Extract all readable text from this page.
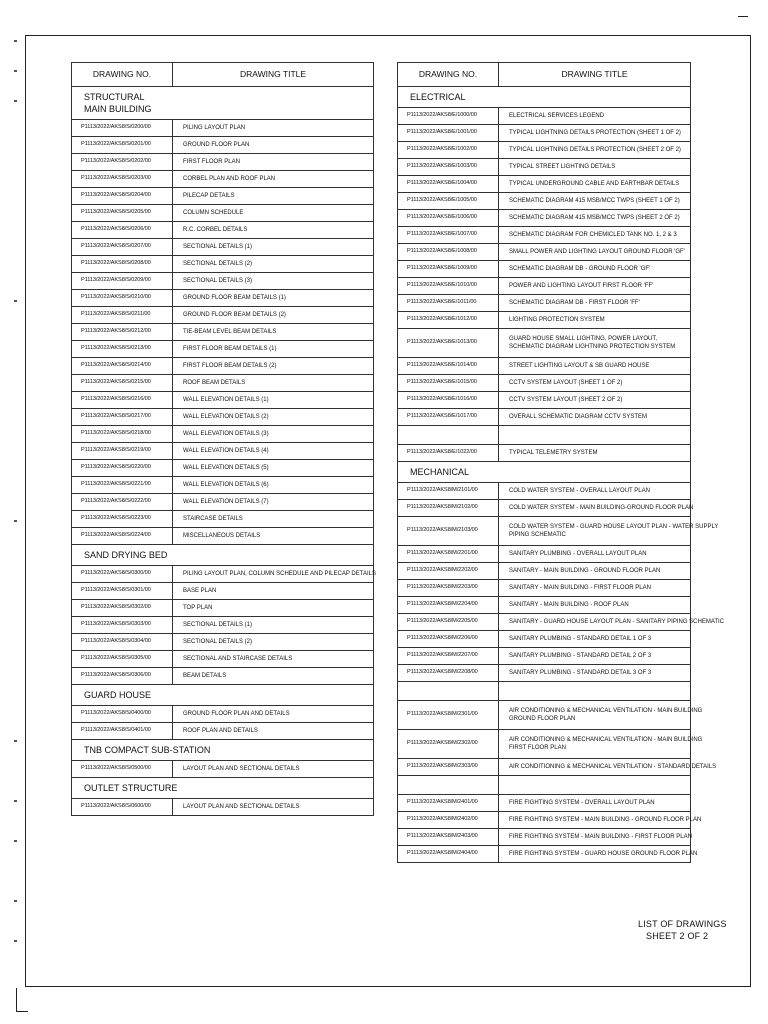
DRAWING NO.	DRAWING TITLE

STRUCTURAL
MAIN BUILDING	

P1113/2022/AKS8/S/0200/00	PILING LAYOUT PLAN
P1113/2022/AKS8/S/0201/00	GROUND FLOOR PLAN
P1113/2022/AKS8/S/0202/00	FIRST FLOOR PLAN
P1113/2022/AKS8/S/0203/00	CORBEL PLAN AND ROOF PLAN
P1113/2022/AKS8/S/0204/00	PILECAP DETAILS
P1113/2022/AKS8/S/0205/00	COLUMN SCHEDULE
P1113/2022/AKS8/S/0206/00	R.C. CORBEL DETAILS
P1113/2022/AKS8/S/0207/00	SECTIONAL DETAILS (1)
P1113/2022/AKS8/S/0208/00	SECTIONAL DETAILS (2)
P1113/2022/AKS8/S/0209/00	SECTIONAL DETAILS (3)
P1113/2022/AKS8/S/0210/00	GROUND FLOOR BEAM DETAILS (1)
P1113/2022/AKS8/S/0211/00	GROUND FLOOR BEAM DETAILS (2)
P1113/2022/AKS8/S/0212/00	TIE-BEAM LEVEL BEAM DETAILS
P1113/2022/AKS8/S/0213/00	FIRST FLOOR BEAM DETAILS (1)
P1113/2022/AKS8/S/0214/00	FIRST FLOOR BEAM DETAILS (2)
P1113/2022/AKS8/S/0215/00	ROOF BEAM DETAILS
P1113/2022/AKS8/S/0216/00	WALL ELEVATION DETAILS (1)
P1113/2022/AKS8/S/0217/00	WALL ELEVATION DETAILS (2)
P1113/2022/AKS8/S/0218/00	WALL ELEVATION DETAILS (3)
P1113/2022/AKS8/S/0219/00	WALL ELEVATION DETAILS (4)
P1113/2022/AKS8/S/0220/00	WALL ELEVATION DETAILS (5)
P1113/2022/AKS8/S/0221/00	WALL ELEVATION DETAILS (6)
P1113/2022/AKS8/S/0222/00	WALL ELEVATION DETAILS (7)
P1113/2022/AKS8/S/0223/00	STAIRCASE DETAILS
P1113/2022/AKS8/S/0224/00	MISCELLANEOUS DETAILS

SAND DRYING BED	

P1113/2022/AKS8/S/0300/00	PILING LAYOUT PLAN, COLUMN SCHEDULE AND PILECAP DETAILS
P1113/2022/AKS8/S/0301/00	BASE PLAN
P1113/2022/AKS8/S/0302/00	TOP PLAN
P1113/2022/AKS8/S/0303/00	SECTIONAL DETAILS (1)
P1113/2022/AKS8/S/0304/00	SECTIONAL DETAILS (2)
P1113/2022/AKS8/S/0305/00	SECTIONAL AND STAIRCASE DETAILS
P1113/2022/AKS8/S/0306/00	BEAM DETAILS

GUARD HOUSE	

P1113/2022/AKS8/S/0400/00	GROUND FLOOR PLAN AND DETAILS
P1113/2022/AKS8/S/0401/00	ROOF PLAN AND DETAILS

TNB COMPACT SUB-STATION	

P1113/2022/AKS8/S/0500/00	LAYOUT PLAN AND SECTIONAL DETAILS

OUTLET STRUCTURE	

P1113/2022/AKS8/S/0600/00	LAYOUT PLAN AND SECTIONAL DETAILS
DRAWING NO.	DRAWING TITLE

ELECTRICAL	

P1113/2022/AKS8/E/1000/00	ELECTRICAL SERVICES LEGEND
P1113/2022/AKS8/E/1001/00	TYPICAL LIGHTNING DETAILS PROTECTION (SHEET 1 OF 2)
P1113/2022/AKS8/E/1002/00	TYPICAL LIGHTNING DETAILS PROTECTION (SHEET 2 OF 2)
P1113/2022/AKS8/E/1003/00	TYPICAL STREET LIGHTING DETAILS
P1113/2022/AKS8/E/1004/00	TYPICAL UNDERGROUND CABLE AND EARTHBAR DETAILS
P1113/2022/AKS8/E/1005/00	SCHEMATIC DIAGRAM 415 MSB/MCC TWPS (SHEET 1 OF 2)
P1113/2022/AKS8/E/1006/00	SCHEMATIC DIAGRAM 415 MSB/MCC TWPS (SHEET 2 OF 2)
P1113/2022/AKS8/E/1007/00	SCHEMATIC DIAGRAM FOR CHEMICLED TANK NO. 1, 2 & 3
P1113/2022/AKS8/E/1008/00	SMALL POWER AND LIGHTING LAYOUT GROUND FLOOR 'GF'
P1113/2022/AKS8/E/1009/00	SCHEMATIC DIAGRAM DB - GROUND FLOOR 'GF'
P1113/2022/AKS8/E/1010/00	POWER AND LIGHTING LAYOUT FIRST FLOOR 'FF'
P1113/2022/AKS8/E/1011/00	SCHEMATIC DIAGRAM DB - FIRST FLOOR 'FF'
P1113/2022/AKS8/E/1012/00	LIGHTING PROTECTION SYSTEM
P1113/2022/AKS8/E/1013/00	GUARD HOUSE SMALL LIGHTING, POWER LAYOUT,
SCHEMATIC DIAGRAM LIGHTNING PROTECTION SYSTEM

P1113/2022/AKS8/E/1014/00	STREET LIGHTING LAYOUT & SB GUARD HOUSE
P1113/2022/AKS8/E/1015/00	CCTV SYSTEM LAYOUT (SHEET 1 OF 2)
P1113/2022/AKS8/E/1016/00	CCTV SYSTEM LAYOUT (SHEET 2 OF 2)
P1113/2022/AKS8/E/1017/00	OVERALL SCHEMATIC DIAGRAM CCTV SYSTEM

P1113/2022/AKS8/E/1022/00	TYPICAL TELEMETRY SYSTEM

MECHANICAL	

P1113/2022/AKS8/M/2101/00	COLD WATER SYSTEM - OVERALL LAYOUT PLAN
P1113/2022/AKS8/M/2102/00	COLD WATER SYSTEM - MAIN BUILDING-GROUND FLOOR PLAN
P1113/2022/AKS8/M/2103/00	COLD WATER SYSTEM - GUARD HOUSE LAYOUT PLAN - WATER SUPPLY
PIPING SCHEMATIC

P1113/2022/AKS8/M/2201/00	SANITARY PLUMBING - OVERALL LAYOUT PLAN
P1113/2022/AKS8/M/2202/00	SANITARY - MAIN BUILDING - GROUND FLOOR PLAN
P1113/2022/AKS8/M/2203/00	SANITARY - MAIN BUILDING - FIRST FLOOR PLAN
P1113/2022/AKS8/M/2204/00	SANITARY - MAIN BUILDING - ROOF PLAN
P1113/2022/AKS8/M/2205/00	SANITARY - GUARD HOUSE LAYOUT PLAN - SANITARY PIPING SCHEMATIC
P1113/2022/AKS8/M/2206/00	SANITARY PLUMBING - STANDARD DETAIL 1 OF 3
P1113/2022/AKS8/M/2207/00	SANITARY PLUMBING - STANDARD DETAIL 2 OF 3
P1113/2022/AKS8/M/2208/00	SANITARY PLUMBING - STANDARD DETAIL 3 OF 3

P1113/2022/AKS8/M/2301/00	AIR CONDITIONING & MECHANICAL VENTILATION - MAIN BUILDING
GROUND FLOOR PLAN

P1113/2022/AKS8/M/2302/00	AIR CONDITIONING & MECHANICAL VENTILATION - MAIN BUILDING
FIRST FLOOR PLAN

P1113/2022/AKS8/M/2303/00	AIR CONDITIONING & MECHANICAL VENTILATION - STANDARD DETAILS

P1113/2022/AKS8/M/2401/00	FIRE FIGHTING SYSTEM - OVERALL LAYOUT PLAN
P1113/2022/AKS8/M/2402/00	FIRE FIGHTING SYSTEM - MAIN BUILDING - GROUND FLOOR PLAN
P1113/2022/AKS8/M/2403/00	FIRE FIGHTING SYSTEM - MAIN BUILDING - FIRST FLOOR PLAN
P1113/2022/AKS8/M/2404/00	FIRE FIGHTING SYSTEM - GUARD HOUSE GROUND FLOOR PLAN
LIST OF DRAWINGS
SHEET 2 OF 2
